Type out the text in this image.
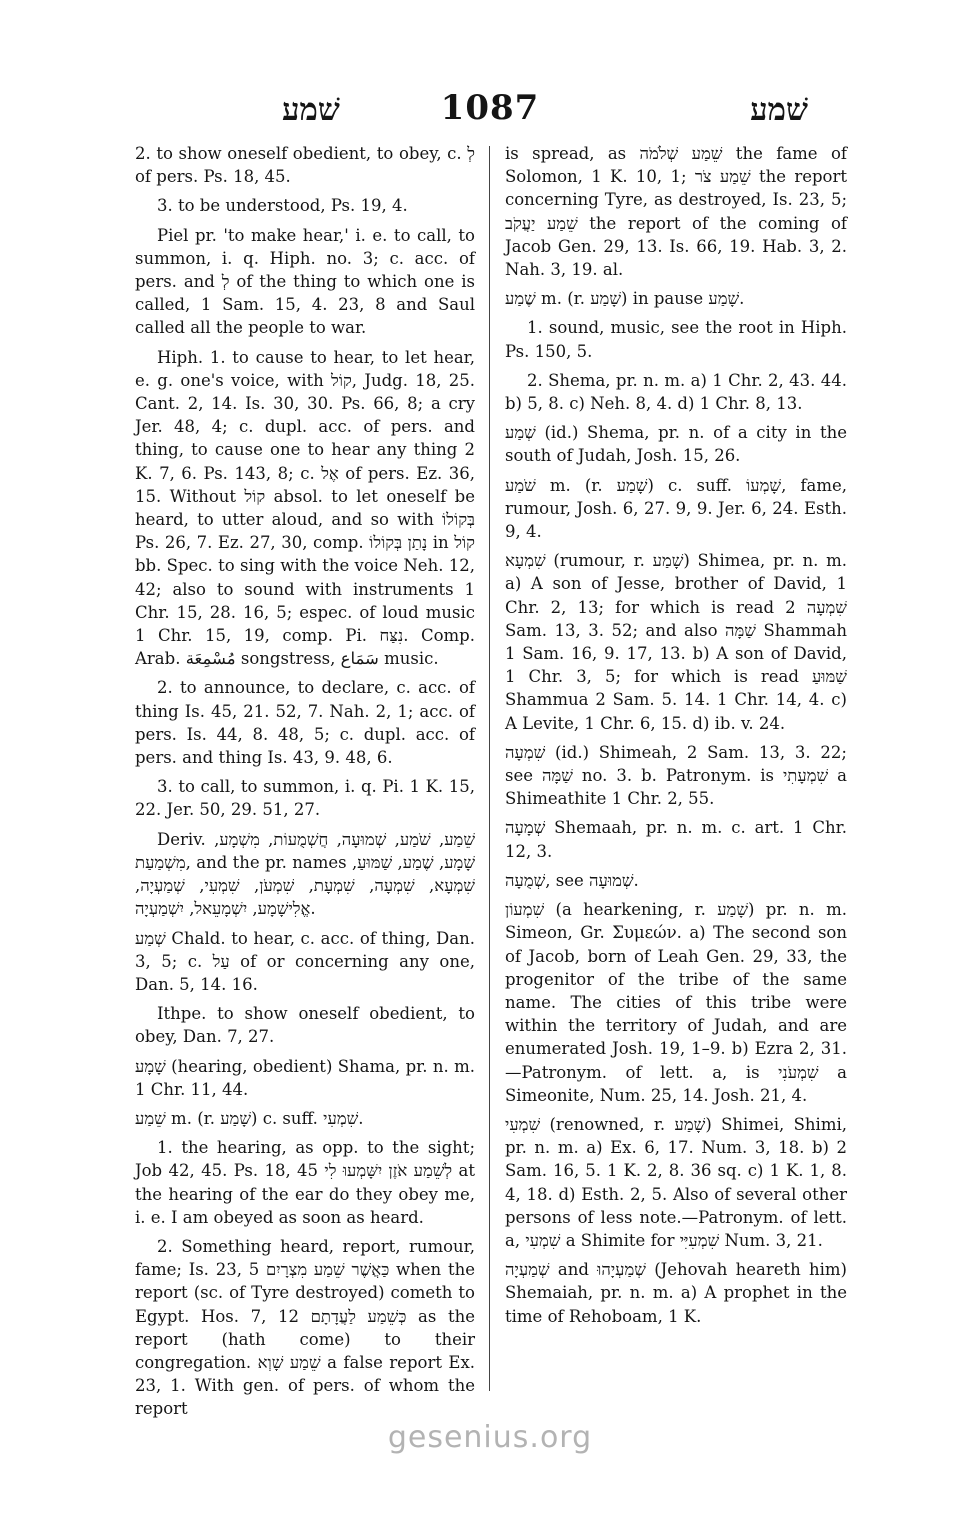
שׁמע	1087	שׁמע

2. to show oneself obedient, to obey, c. לְ of pers. Ps. 18, 45.

3. to be understood, Ps. 19, 4.

Piel pr. 'to make hear,' i. e. to call, to summon, i. q. Hiph. no. 3; c. acc. of pers. and לְ of the thing to which one is called, 1 Sam. 15, 4. 23, 8 and Saul called all the people to war.

Hiph. 1. to cause to hear, to let hear, e. g. one's voice, with קוֹל, Judg. 18, 25. Cant. 2, 14. Is. 30, 30. Ps. 66, 8; a cry Jer. 48, 4; c. dupl. acc. of pers. and thing, to cause one to hear any thing 2 K. 7, 6. Ps. 143, 8; c. אֶל of pers. Ez. 36, 15. Without קוֹל absol. to let oneself be heard, to utter aloud, and so with בְּקוֹלוֹ Ps. 26, 7. Ez. 27, 30, comp. נָתַן בְּקוֹלוֹ in קוֹל bb. Spec. to sing with the voice Neh. 12, 42; also to sound with instruments 1 Chr. 15, 28. 16, 5; espec. of loud music 1 Chr. 15, 19, comp. Pi. נִצַּח. Comp. Arab. مُسْمِعَة songstress, سَمَاع music.

2. to announce, to declare, c. acc. of thing Is. 45, 21. 52, 7. Nah. 2, 1; acc. of pers. Is. 44, 8. 48, 5; c. dupl. acc. of pers. and thing Is. 43, 9. 48, 6.

3. to call, to summon, i. q. Pi. 1 K. 15, 22. Jer. 50, 29. 51, 27.

Deriv. שֵׁמַע, שֹׁמַע, שְׁמוּעָה, חֲשְׁמֻעוֹת, מִשְׁמָע, מִשְׁמַעַת, and the pr. names שָׁמָע, שֶׁמַע, שַׁמּוּעַ, שִׁמְעָא, שִׁמְעָה, שִׁמְעָת, שִׁמְעֹן, שִׁמְעִי, שְׁמַעְיָה, אֱלִישָׁמָע, יִשְׁמָעֵאל, יִשְׁמַעְיָה.

שְׁמַע Chald. to hear, c. acc. of thing, Dan. 3, 5; c. עַל of or concerning any one, Dan. 5, 14. 16.

Ithpe. to show oneself obedient, to obey, Dan. 7, 27.

שָׁמָע (hearing, obedient) Shama, pr. n. m. 1 Chr. 11, 44.

שֵׁמַע m. (r. שָׁמַע) c. suff. שִׁמְעִי.

1. the hearing, as opp. to the sight; Job 42, 45. Ps. 18, 45 לְשֵׁמַע אֹזֶן יִשָּׁמְעוּ לִי at the hearing of the ear do they obey me, i. e. I am obeyed as soon as heard.

2. Something heard, report, rumour, fame; Is. 23, 5 כַּאֲשֶׁר שֵׁמַע מִצְרָיִם when the report (sc. of Tyre destroyed) cometh to Egypt. Hos. 7, 12 כְּשֵׁמַע לַעֲדָתָם as the report (hath come) to their congregation. שֵׁמַע שָׁוְא a false report Ex. 23, 1. With gen. of pers. of whom the report

is spread, as שֵׁמַע שְׁלֹמֹה the fame of Solomon, 1 K. 10, 1; שֵׁמַע צֹר the report concerning Tyre, as destroyed, Is. 23, 5; שֵׁמַע יַעֲקֹב the report of the coming of Jacob Gen. 29, 13. Is. 66, 19. Hab. 3, 2. Nah. 3, 19. al.

שֶׁמַע m. (r. שָׁמַע) in pause שָׁמַע.

1. sound, music, see the root in Hiph. Ps. 150, 5.

2. Shema, pr. n. m. a) 1 Chr. 2, 43. 44. b) 5, 8. c) Neh. 8, 4. d) 1 Chr. 8, 13.

שְׁמַע (id.) Shema, pr. n. of a city in the south of Judah, Josh. 15, 26.

שֹׁמַע m. (r. שָׁמַע) c. suff. שָׁמְעוֹ, fame, rumour, Josh. 6, 27. 9, 9. Jer. 6, 24. Esth. 9, 4.

שִׁמְעָא (rumour, r. שָׁמַע) Shimea, pr. n. m. a) A son of Jesse, brother of David, 1 Chr. 2, 13; for which is read שִׁמְעָה 2 Sam. 13, 3. 52; and also שַׁמָּה Shammah 1 Sam. 16, 9. 17, 13. b) A son of David, 1 Chr. 3, 5; for which is read שַׁמּוּעַ Shammua 2 Sam. 5. 14. 1 Chr. 14, 4. c) A Levite, 1 Chr. 6, 15. d) ib. v. 24.

שִׁמְעָה (id.) Shimeah, 2 Sam. 13, 3. 22; see שַׁמָּה no. 3. b. Patronym. is שִׁמְעָתִי a Shimeathite 1 Chr. 2, 55.

שְׁמָעָה Shemaah, pr. n. m. c. art. 1 Chr. 12, 3.

שְׁמֻעָה, see שְׁמוּעָה.

שִׁמְעוֹן (a hearkening, r. שָׁמַע) pr. n. m. Simeon, Gr. Συμεών. a) The second son of Jacob, born of Leah Gen. 29, 33, the progenitor of the tribe of the same name. The cities of this tribe were within the territory of Judah, and are enumerated Josh. 19, 1–9. b) Ezra 2, 31.—Patronym. of lett. a, is שִׁמְעֹנִי a Simeonite, Num. 25, 14. Josh. 21, 4.

שִׁמְעִי (renowned, r. שָׁמַע) Shimei, Shimi, pr. n. m. a) Ex. 6, 17. Num. 3, 18. b) 2 Sam. 16, 5. 1 K. 2, 8. 36 sq. c) 1 K. 1, 8. 4, 18. d) Esth. 2, 5. Also of several other persons of less note.—Patronym. of lett. a, שִׁמְעִי a Shimite for שִׁמְעִיִּי Num. 3, 21.

שְׁמַעְיָה and שְׁמַעְיָהוּ (Jehovah heareth him) Shemaiah, pr. n. m. a) A prophet in the time of Rehoboam, 1 K.

gesenius.org
